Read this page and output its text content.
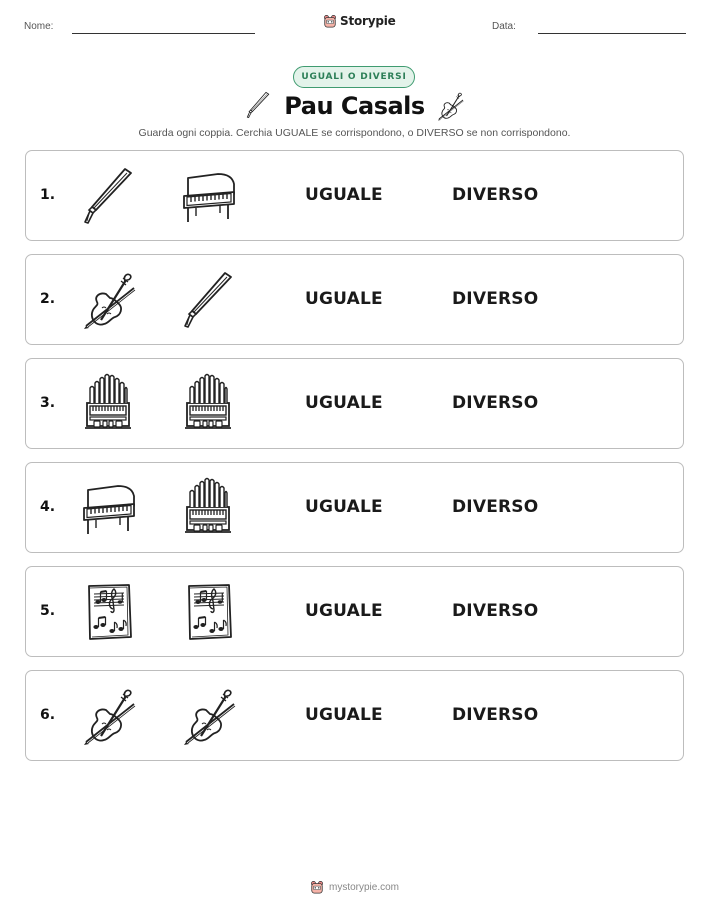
Nome:	Storypie	Data:
UGUALI O DIVERSI
Pau Casals
Guarda ogni coppia. Cerchia UGUALE se corrispondono, o DIVERSO se non corrispondono.
1.	UGUALE	DIVERSO
2.	UGUALE	DIVERSO
3.	UGUALE	DIVERSO
4.	UGUALE	DIVERSO
5.	UGUALE	DIVERSO
6.	UGUALE	DIVERSO
mystorypie.com
